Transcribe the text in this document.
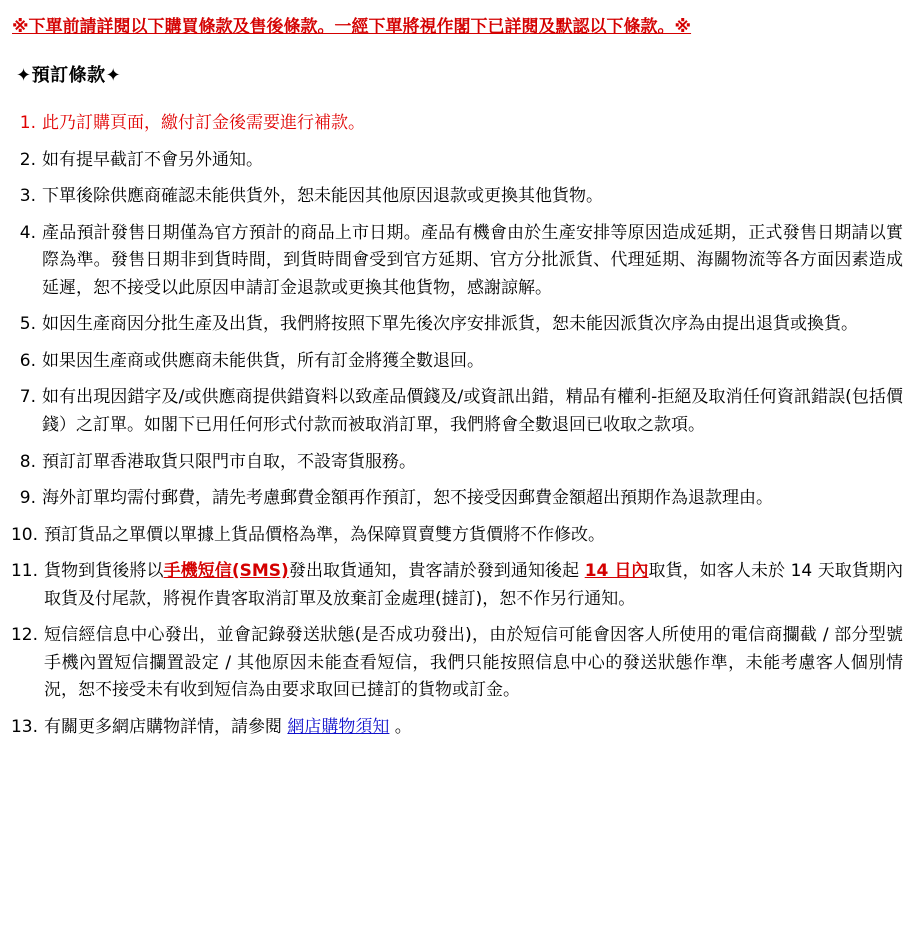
※下單前請詳閱以下購買條款及售後條款。一經下單將視作閣下已詳閱及默認以下條款。※
✦預訂條款✦
1. 此乃訂購頁面，繳付訂金後需要進行補款。
2. 如有提早截訂不會另外通知。
3. 下單後除供應商確認未能供貨外，恕未能因其他原因退款或更換其他貨物。
4. 產品預計發售日期僅為官方預計的商品上市日期。產品有機會由於生產安排等原因造成延期，正式發售日期請以實際為準。發售日期非到貨時間，到貨時間會受到官方延期、官方分批派貨、代理延期、海關物流等各方面因素造成延遲，恕不接受以此原因申請訂金退款或更換其他貨物，感謝諒解。
5. 如因生產商因分批生產及出貨，我們將按照下單先後次序安排派貨，恕未能因派貨次序為由提出退貨或換貨。
6. 如果因生產商或供應商未能供貨，所有訂金將獲全數退回。
7. 如有出現因錯字及/或供應商提供錯資料以致產品價錢及/或資訊出錯，精品有權利-拒絕及取消任何資訊錯誤(包括價錢）之訂單。如閣下已用任何形式付款而被取消訂單，我們將會全數退回已收取之款項。
8. 預訂訂單香港取貨只限門市自取，不設寄貨服務。
9. 海外訂單均需付郵費，請先考慮郵費金額再作預訂，恕不接受因郵費金額超出預期作為退款理由。
10. 預訂貨品之單價以單據上貨品價格為準，為保障買賣雙方貨價將不作修改。
11. 貨物到貨後將以手機短信(SMS)發出取貨通知，貴客請於發到通知後起 14 日內取貨，如客人未於 14 天取貨期內取貨及付尾款，將視作貴客取消訂單及放棄訂金處理(撻訂)，恕不作另行通知。
12. 短信經信息中心發出，並會記錄發送狀態(是否成功發出)，由於短信可能會因客人所使用的電信商攔截 / 部分型號手機內置短信攔置設定 / 其他原因未能查看短信，我們只能按照信息中心的發送狀態作準，未能考慮客人個別情況，恕不接受未有收到短信為由要求取回已撻訂的貨物或訂金。
13. 有關更多網店購物詳情，請參閱 網店購物須知 。
